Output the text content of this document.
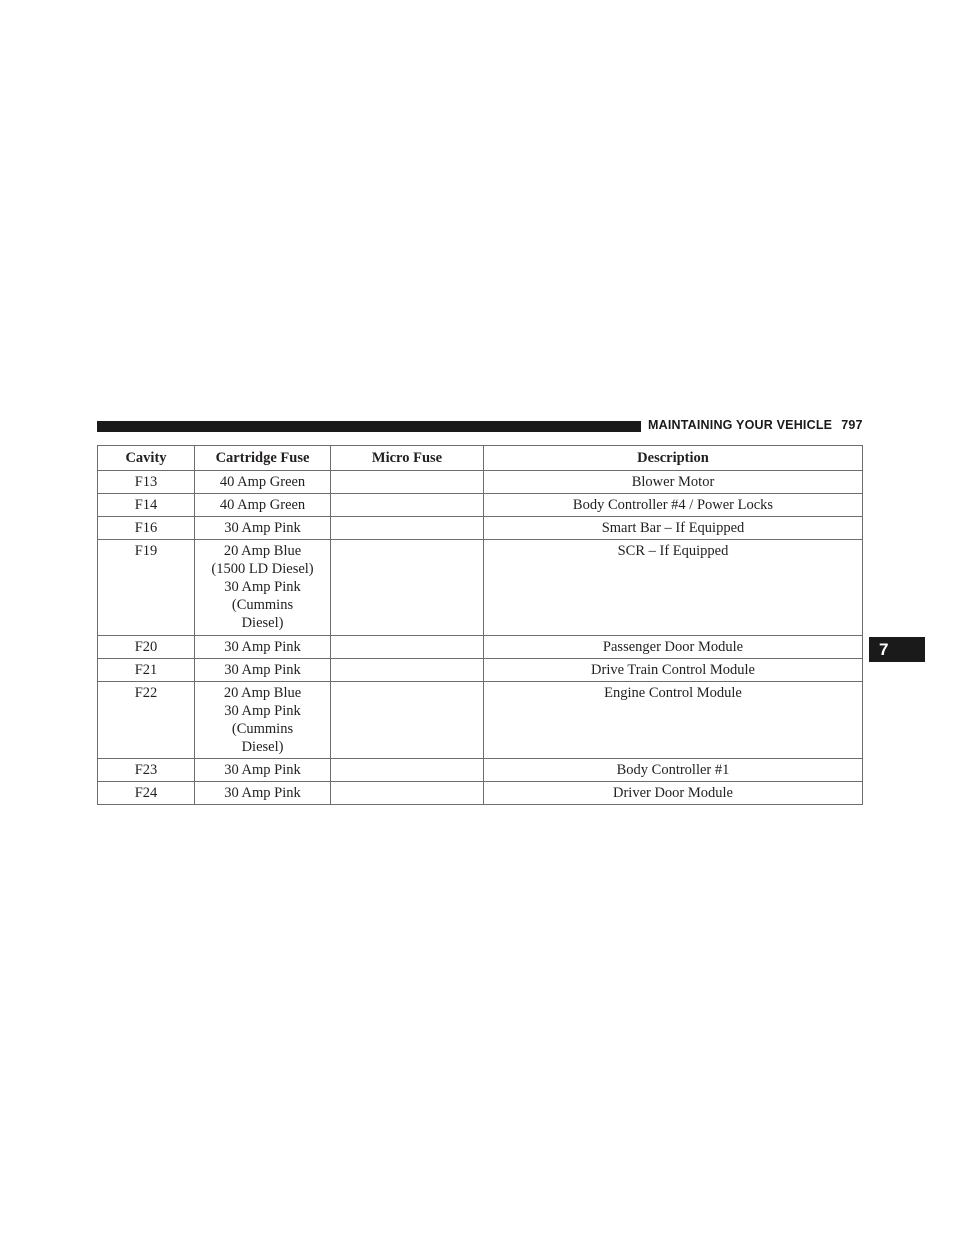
MAINTAINING YOUR VEHICLE 797
7
Cavity	Cartridge Fuse	Micro Fuse	Description
F13	40 Amp Green		Blower Motor
F14	40 Amp Green		Body Controller #4 / Power Locks
F16	30 Amp Pink		Smart Bar – If Equipped
F19	20 Amp Blue
(1500 LD Diesel)
30 Amp Pink
(Cummins
Diesel)		SCR – If Equipped
F20	30 Amp Pink		Passenger Door Module
F21	30 Amp Pink		Drive Train Control Module
F22	20 Amp Blue
30 Amp Pink
(Cummins
Diesel)		Engine Control Module
F23	30 Amp Pink		Body Controller #1
F24	30 Amp Pink		Driver Door Module
